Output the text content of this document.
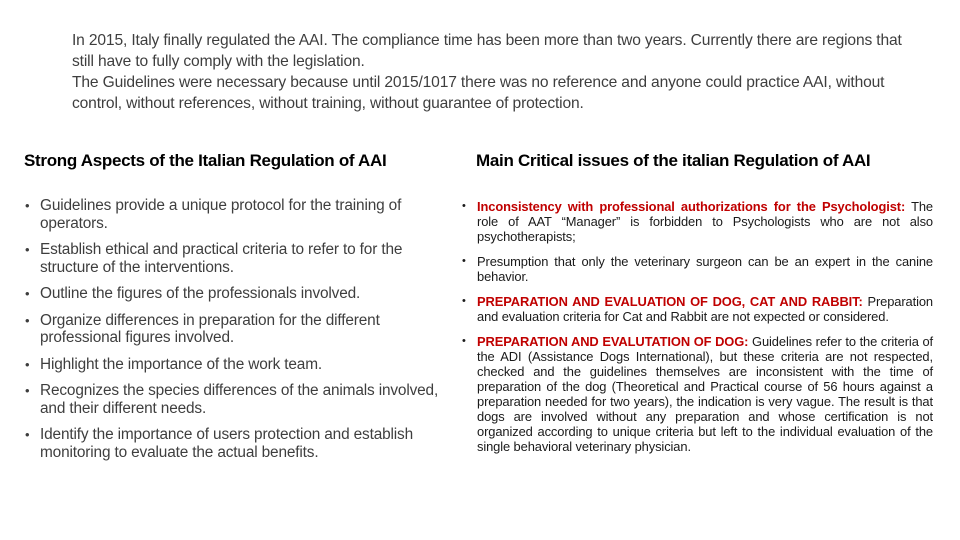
In 2015, Italy finally regulated the AAI. The compliance time has been more than two years. Currently there are regions that still have to fully comply with the legislation.

The Guidelines were necessary because until 2015/1017 there was no reference and anyone could practice AAI, without control, without references, without training, without guarantee of protection.

Strong Aspects of the Italian Regulation of AAI	Main Critical issues of the italian Regulation of AAI
• Guidelines provide a unique protocol for the training of operators.
• Establish ethical and practical criteria to refer to for the structure of the interventions.
• Outline the figures of the professionals involved.
• Organize differences in preparation for the different professional figures involved.
• Highlight the importance of the work team.
• Recognizes the species differences of the animals involved, and their different needs.
• Identify the importance of users protection and establish monitoring to evaluate the actual benefits.
• Inconsistency with professional authorizations for the Psychologist: The role of AAT “Manager” is forbidden to Psychologists who are not also psychotherapists;

• Presumption that only the veterinary surgeon can be an expert in the canine behavior.

• PREPARATION AND EVALUATION OF DOG, CAT AND RABBIT: Preparation and evaluation criteria for Cat and Rabbit are not expected or considered.

• PREPARATION AND EVALUTATION OF DOG: Guidelines refer to the criteria of the ADI (Assistance Dogs International), but these criteria are not respected, checked and the guidelines themselves are inconsistent with the time of preparation of the dog (Theoretical and Practical course of 56 hours against a preparation needed for two years), the indication is very vague. The result is that dogs are involved without any preparation and whose certification is not organized according to unique criteria but left to the individual evaluation of the single behavioral veterinary physician.
